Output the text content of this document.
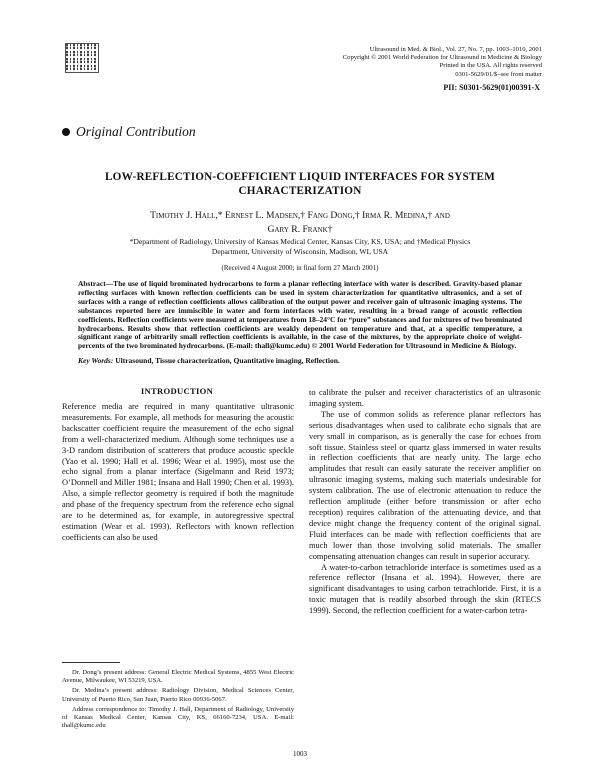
Ultrasound in Med. & Biol., Vol. 27, No. 7, pp. 1003–1010, 2001
Copyright © 2001 World Federation for Ultrasound in Medicine & Biology
Printed in the USA. All rights reserved
0301-5629/01/$–see front matter
PII: S0301-5629(01)00391-X
Original Contribution
LOW-REFLECTION-COEFFICIENT LIQUID INTERFACES FOR SYSTEM CHARACTERIZATION
Timothy J. Hall,* Ernest L. Madsen,† Fang Dong,† Irma R. Medina,† and
Gary R. Frank†
*Department of Radiology, University of Kansas Medical Center, Kansas City, KS, USA; and †Medical Physics
Department, University of Wisconsin, Madison, WI, USA
(Received 4 August 2000; in final form 27 March 2001)
Abstract—The use of liquid brominated hydrocarbons to form a planar reflecting interface with water is described. Gravity-based planar reflecting surfaces with known reflection coefficients can be used in system characterization for quantitative ultrasonics, and a set of surfaces with a range of reflection coefficients allows calibration of the output power and receiver gain of ultrasonic imaging systems. The substances reported here are immiscible in water and form interfaces with water, resulting in a broad range of acoustic reflection coefficients. Reflection coefficients were measured at temperatures from 18–24°C for “pure” substances and for mixtures of two brominated hydrocarbons. Results show that reflection coefficients are weakly dependent on temperature and that, at a specific temperature, a significant range of arbitrarily small reflection coefficients is available, in the case of the mixtures, by the appropriate choice of weight-percents of the two brominated hydrocarbons. (E-mail: thall@kumc.edu) © 2001 World Federation for Ultrasound in Medicine & Biology.
Key Words: Ultrasound, Tissue characterization, Quantitative imaging, Reflection.
INTRODUCTION

Reference media are required in many quantitative ultrasonic measurements. For example, all methods for measuring the acoustic backscatter coefficient require the measurement of the echo signal from a well-characterized medium. Although some techniques use a 3-D random distribution of scatterers that produce acoustic speckle (Yao et al. 1990; Hall et al. 1996; Wear et al. 1995), most use the echo signal from a planar interface (Sigelmann and Reid 1973; O’Donnell and Miller 1981; Insana and Hall 1990; Chen et al. 1993). Also, a simple reflector geometry is required if both the magnitude and phase of the frequency spectrum from the reference echo signal are to be determined as, for example, in autoregressive spectral estimation (Wear et al. 1993). Reflectors with known reflection coefficients can also be used

to calibrate the pulser and receiver characteristics of an ultrasonic imaging system.

The use of common solids as reference planar reflectors has serious disadvantages when used to calibrate echo signals that are very small in comparison, as is generally the case for echoes from soft tissue. Stainless steel or quartz glass immersed in water results in reflection coefficients that are nearly unity. The large echo amplitudes that result can easily saturate the receiver amplifier on ultrasonic imaging systems, making such materials undesirable for system calibration. The use of electronic attenuation to reduce the reflection amplitude (either before transmission or after echo reception) requires calibration of the attenuating device, and that device might change the frequency content of the original signal. Fluid interfaces can be made with reflection coefficients that are much lower than those involving solid materials. The smaller compensating attenuation changes can result in superior accuracy.

A water-to-carbon tetrachloride interface is sometimes used as a reference reflector (Insana et al. 1994). However, there are significant disadvantages to using carbon tetrachloride. First, it is a toxic mutagen that is readily absorbed through the skin (RTECS 1999). Second, the reflection coefficient for a water-carbon tetra-

Dr. Dong’s present address: General Electric Medical Systems, 4855 West Electric Avenue, Milwaukee, WI 53219, USA.

Dr. Medina’s present address: Radiology Division, Medical Sciences Center, University of Puerto Rico, San Juan, Puerto Rico 00936-5067.

Address correspondence to: Timothy J. Hall, Department of Radiology, University of Kansas Medical Center, Kansas City, KS, 66160-7234, USA. E-mail: thall@kumc.edu

1003
